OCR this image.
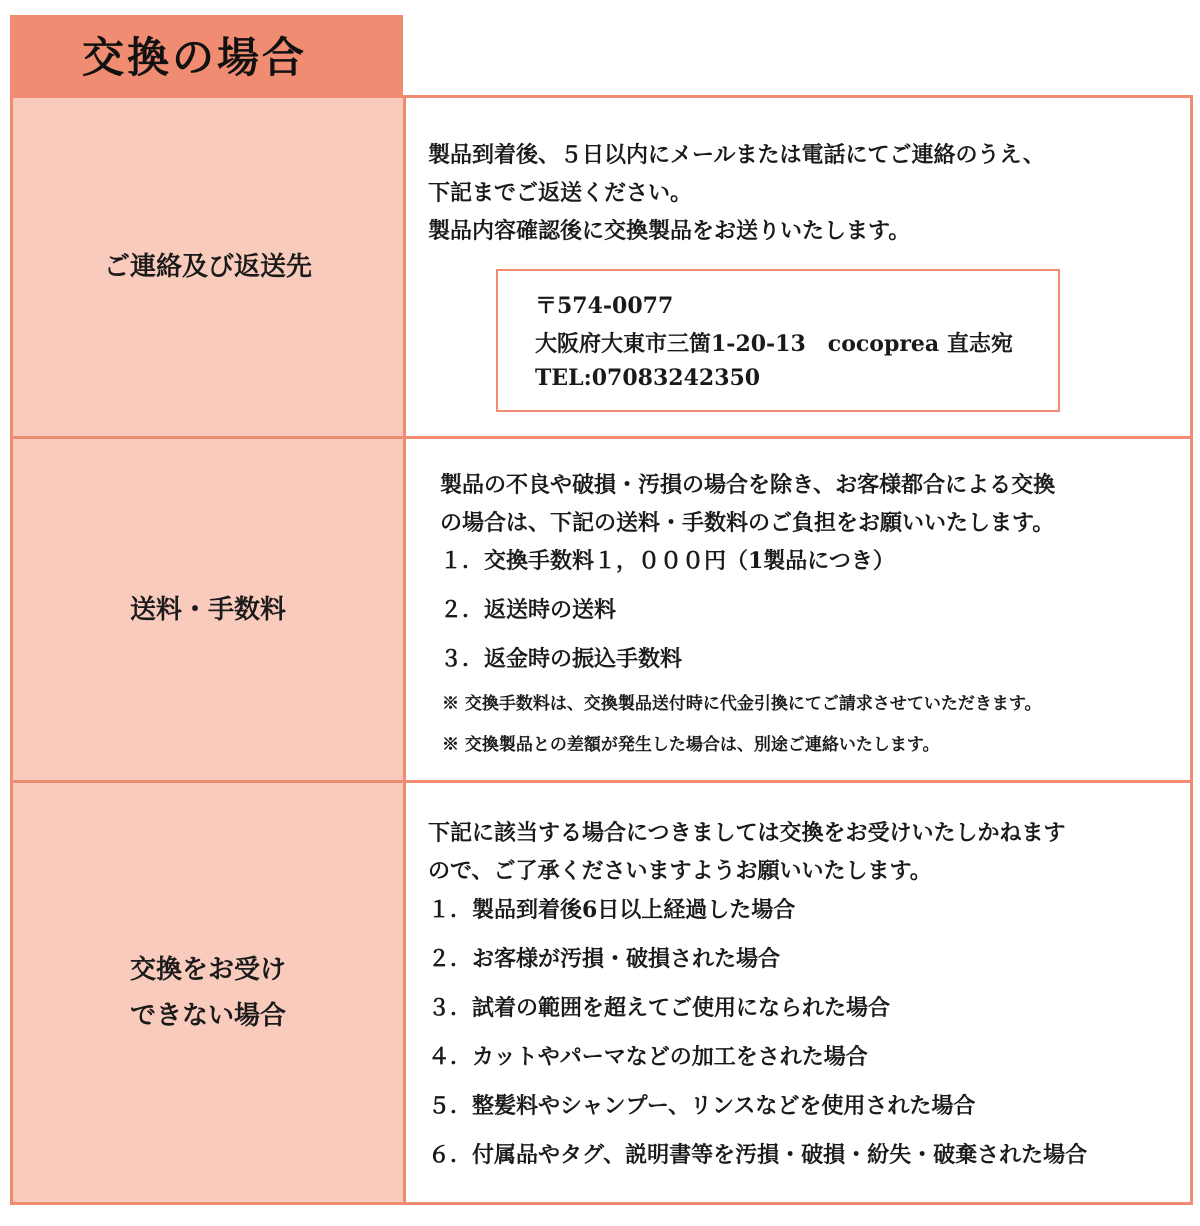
交換の場合
ご連絡及び返送先
製品到着後、５日以内にメールまたは電話にてご連絡のうえ、
下記までご返送ください。
製品内容確認後に交換製品をお送りいたします。
〒574-0077
大阪府大東市三箇1-20-13　cocoprea 直志宛
TEL:07083242350
送料・手数料
製品の不良や破損・汚損の場合を除き、お客様都合による交換
の場合は、下記の送料・手数料のご負担をお願いいたします。
１．交換手数料１，０００円（1製品につき）
２．返送時の送料
３．返金時の振込手数料
※ 交換手数料は、交換製品送付時に代金引換にてご請求させていただきます。
※ 交換製品との差額が発生した場合は、別途ご連絡いたします。
交換をお受け
できない場合
下記に該当する場合につきましては交換をお受けいたしかねます
ので、ご了承くださいますようお願いいたします。
１．製品到着後6日以上経過した場合
２．お客様が汚損・破損された場合
３．試着の範囲を超えてご使用になられた場合
４．カットやパーマなどの加工をされた場合
５．整髪料やシャンプー、リンスなどを使用された場合
６．付属品やタグ、説明書等を汚損・破損・紛失・破棄された場合
